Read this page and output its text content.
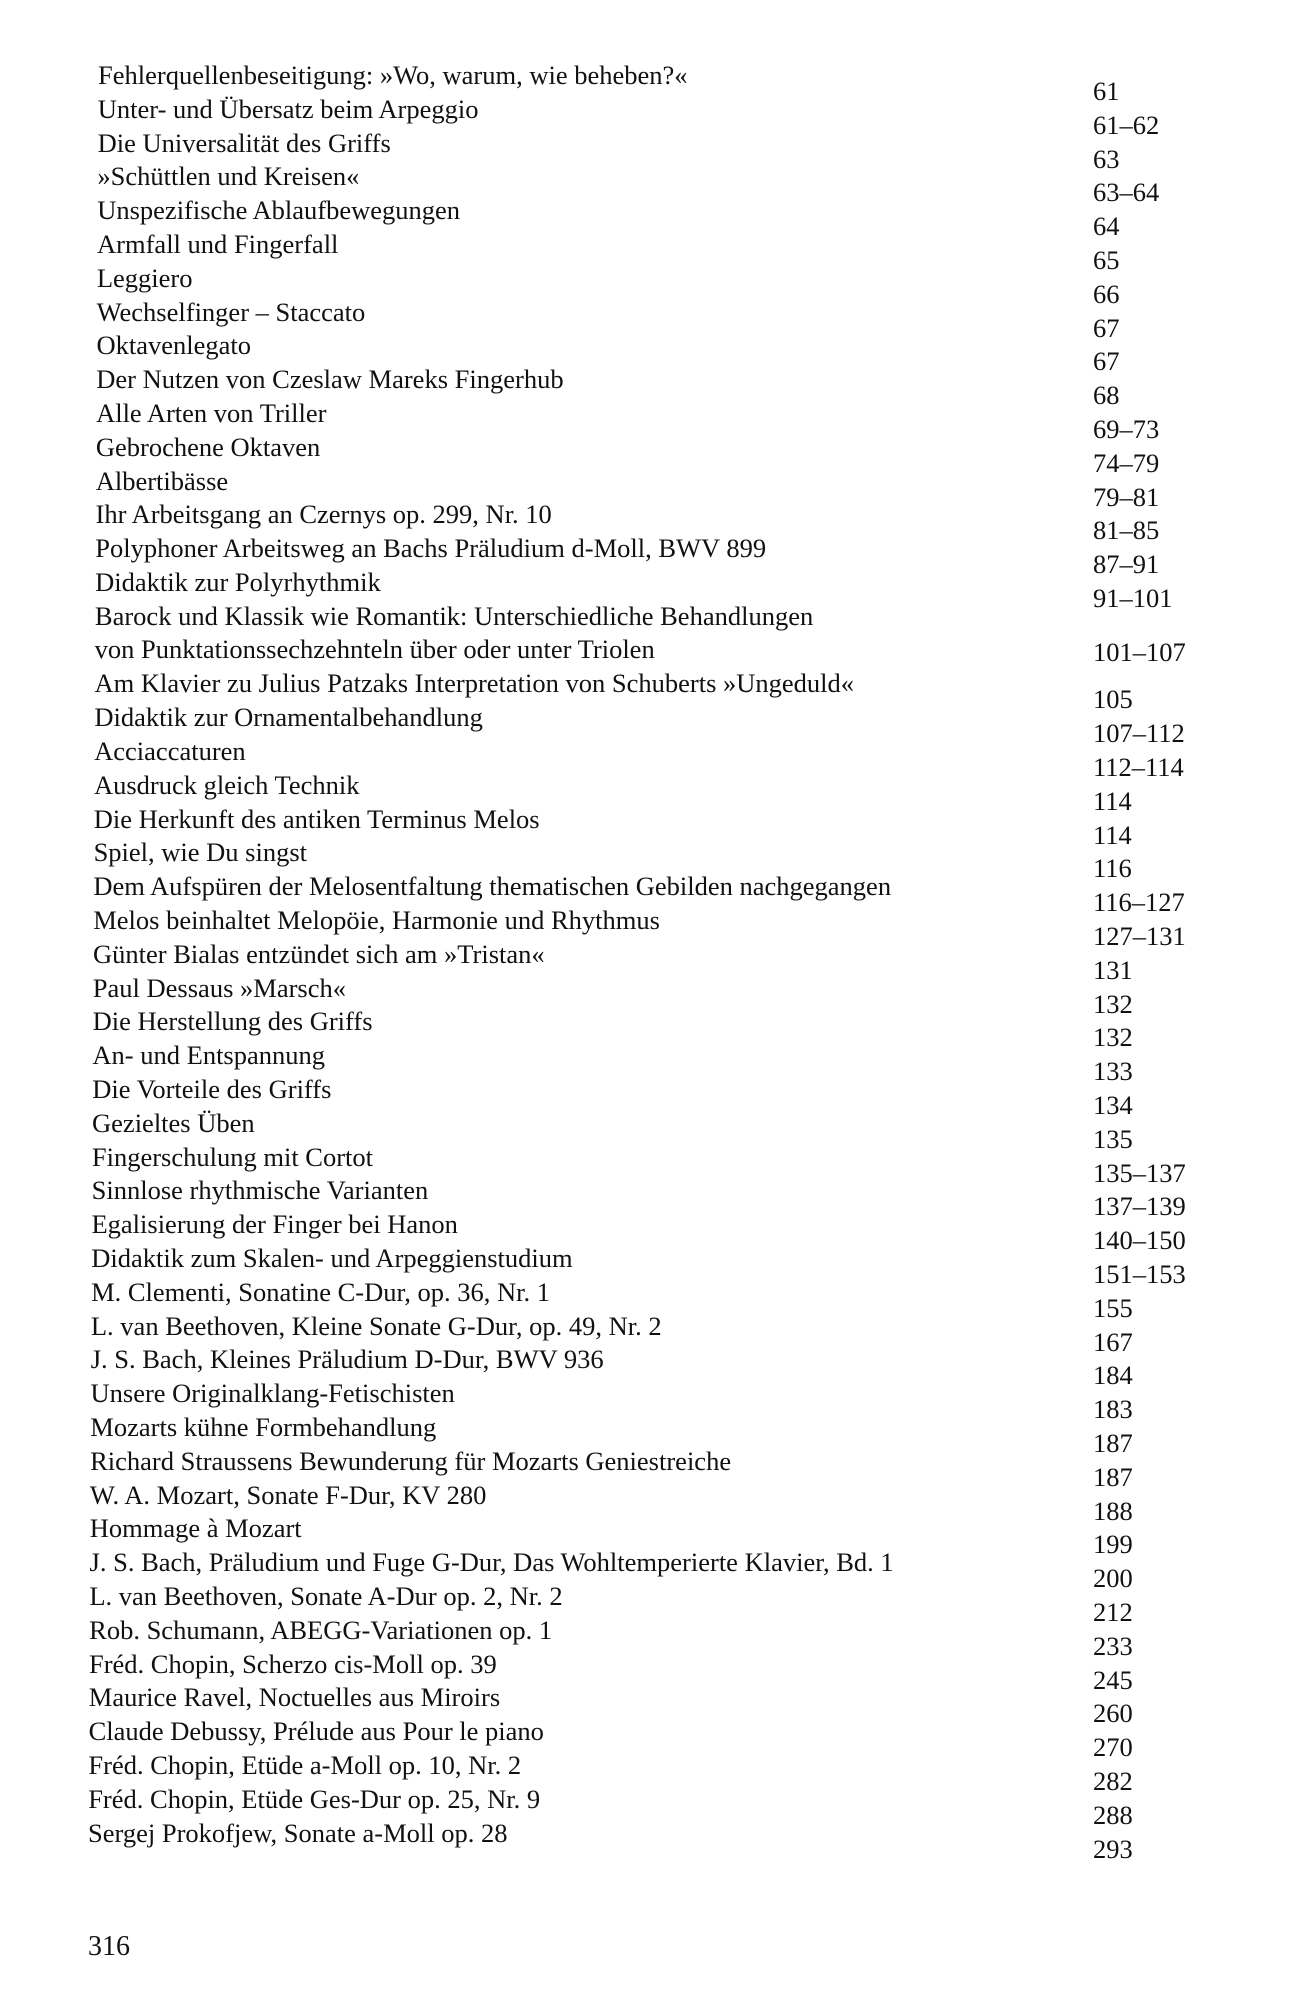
Fehlerquellenbeseitigung: »Wo, warum, wie beheben?«
61
Unter- und Übersatz beim Arpeggio
61–62
Die Universalität des Griffs
63
»Schüttlen und Kreisen«
63–64
Unspezifische Ablaufbewegungen
64
Armfall und Fingerfall
65
Leggiero
66
Wechselfinger – Staccato
67
Oktavenlegato
67
Der Nutzen von Czeslaw Mareks Fingerhub
68
Alle Arten von Triller
69–73
Gebrochene Oktaven
74–79
Albertibässe
79–81
Ihr Arbeitsgang an Czernys op. 299, Nr. 10
81–85
Polyphoner Arbeitsweg an Bachs Präludium d-Moll, BWV 899
87–91
Didaktik zur Polyrhythmik
91–101
Barock und Klassik wie Romantik: Unterschiedliche Behandlungen
von Punktationssechzehnteln über oder unter Triolen	101–107
Am Klavier zu Julius Patzaks Interpretation von Schuberts »Ungeduld«
105
Didaktik zur Ornamentalbehandlung
107–112
Acciaccaturen
112–114
Ausdruck gleich Technik
114
Die Herkunft des antiken Terminus Melos
114
Spiel, wie Du singst
116
Dem Aufspüren der Melosentfaltung thematischen Gebilden nachgegangen
116–127
Melos beinhaltet Melopöie, Harmonie und Rhythmus
127–131
Günter Bialas entzündet sich am »Tristan«
131
Paul Dessaus »Marsch«
132
Die Herstellung des Griffs
132
An- und Entspannung
133
Die Vorteile des Griffs
134
Gezieltes Üben
135
Fingerschulung mit Cortot
135–137
Sinnlose rhythmische Varianten
137–139
Egalisierung der Finger bei Hanon
140–150
Didaktik zum Skalen- und Arpeggienstudium
151–153
M. Clementi, Sonatine C-Dur, op. 36, Nr. 1
155
L. van Beethoven, Kleine Sonate G-Dur, op. 49, Nr. 2
167
J. S. Bach, Kleines Präludium D-Dur, BWV 936
184
Unsere Originalklang-Fetischisten
183
Mozarts kühne Formbehandlung
187
Richard Straussens Bewunderung für Mozarts Geniestreiche
187
W. A. Mozart, Sonate F-Dur, KV 280
188
Hommage à Mozart
199
J. S. Bach, Präludium und Fuge G-Dur, Das Wohltemperierte Klavier, Bd. 1
200
L. van Beethoven, Sonate A-Dur op. 2, Nr. 2
212
Rob. Schumann, ABEGG-Variationen op. 1
233
Fréd. Chopin, Scherzo cis-Moll op. 39
245
Maurice Ravel, Noctuelles aus Miroirs
260
Claude Debussy, Prélude aus Pour le piano
270
Fréd. Chopin, Etüde a-Moll op. 10, Nr. 2
282
Fréd. Chopin, Etüde Ges-Dur op. 25, Nr. 9
288
Sergej Prokofjew, Sonate a-Moll op. 28
293
316
